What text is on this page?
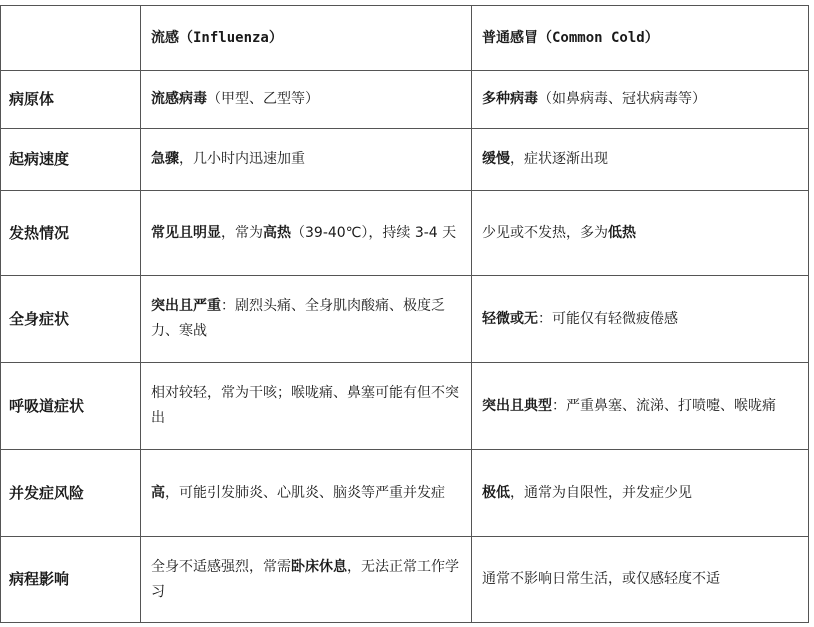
	流感（Influenza）	普通感冒（Common Cold）
病原体	流感病毒（甲型、乙型等）	多种病毒（如鼻病毒、冠状病毒等）
起病速度	急骤，几小时内迅速加重	缓慢，症状逐渐出现
发热情况	常见且明显，常为高热（39-40℃），持续 3-4 天	少见或不发热，多为低热
全身症状	突出且严重：剧烈头痛、全身肌肉酸痛、极度乏力、寒战	轻微或无：可能仅有轻微疲倦感
呼吸道症状	相对较轻，常为干咳；喉咙痛、鼻塞可能有但不突出	突出且典型：严重鼻塞、流涕、打喷嚏、喉咙痛
并发症风险	高，可能引发肺炎、心肌炎、脑炎等严重并发症	极低，通常为自限性，并发症少见
病程影响	全身不适感强烈，常需卧床休息，无法正常工作学习	通常不影响日常生活，或仅感轻度不适
